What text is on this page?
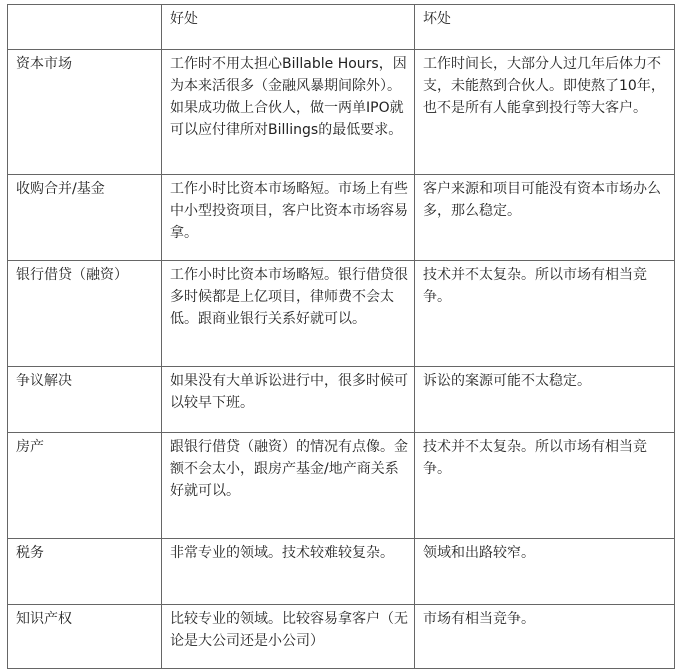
	好处	坏处
资本市场	工作时不用太担心Billable Hours，因为本来活很多（金融风暴期间除外）。如果成功做上合伙人，做一两单IPO就可以应付律所对Billings的最低要求。	工作时间长，大部分人过几年后体力不支，未能熬到合伙人。即使熬了10年，也不是所有人能拿到投行等大客户。
收购合并/基金	工作小时比资本市场略短。市场上有些中小型投资项目，客户比资本市场容易拿。	客户来源和项目可能没有资本市场办么多，那么稳定。
银行借贷（融资）	工作小时比资本市场略短。银行借贷很多时候都是上亿项目，律师费不会太低。跟商业银行关系好就可以。	技术并不太复杂。所以市场有相当竞争。
争议解决	如果没有大单诉讼进行中，很多时候可以较早下班。	诉讼的案源可能不太稳定。
房产	跟银行借贷（融资）的情况有点像。金额不会太小，跟房产基金/地产商关系好就可以。	技术并不太复杂。所以市场有相当竞争。
税务	非常专业的领域。技术较难较复杂。	领域和出路较窄。
知识产权	比较专业的领域。比较容易拿客户（无论是大公司还是小公司）	市场有相当竞争。
